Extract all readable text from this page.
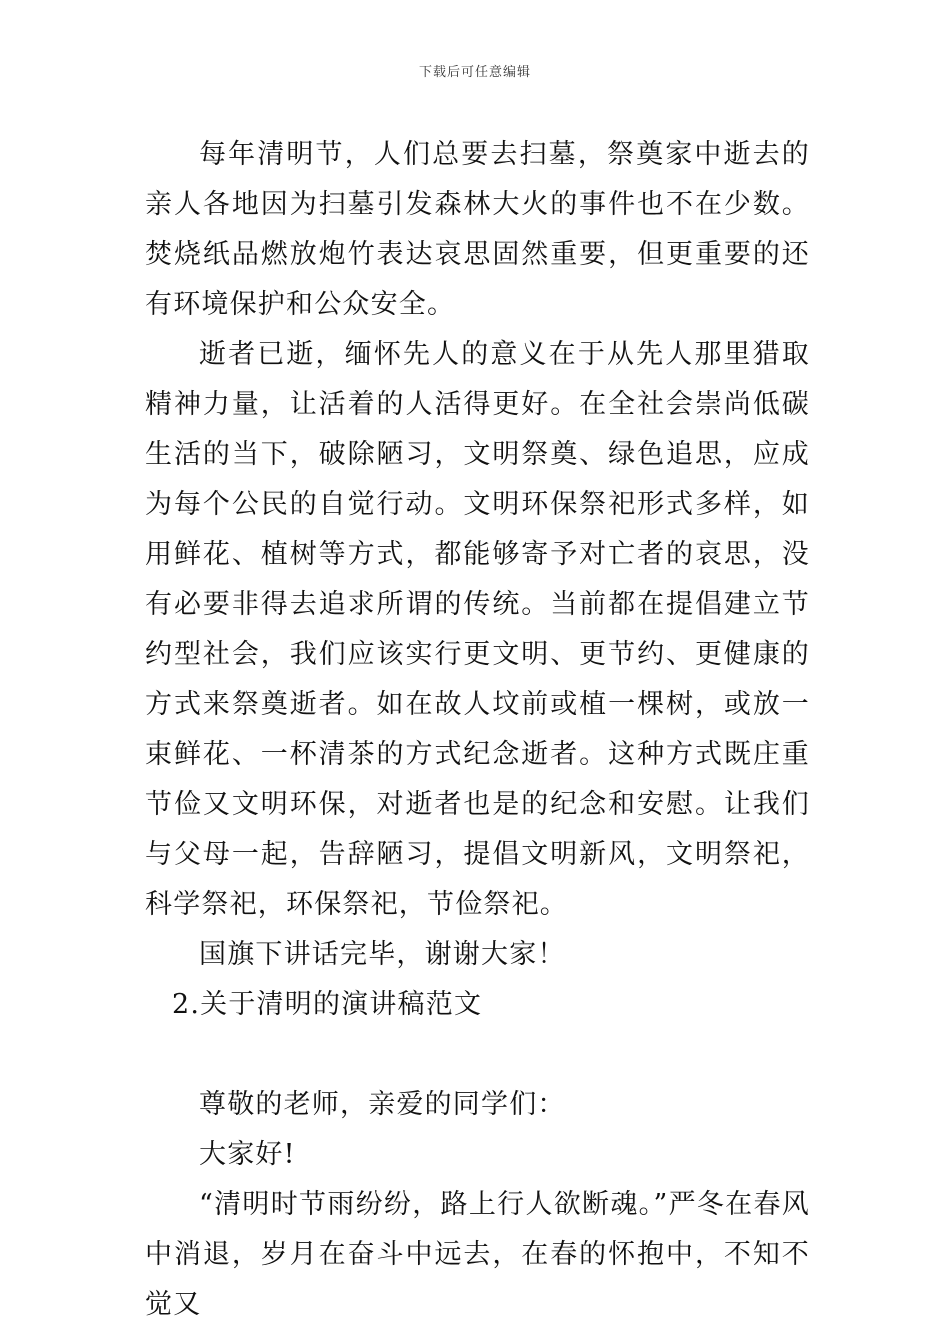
下载后可任意编辑

每年清明节，人们总要去扫墓，祭奠家中逝去的亲人各地因为扫墓引发森林大火的事件也不在少数。焚烧纸品燃放炮竹表达哀思固然重要，但更重要的还有环境保护和公众安全。

逝者已逝，缅怀先人的意义在于从先人那里猎取精神力量，让活着的人活得更好。在全社会崇尚低碳生活的当下，破除陋习，文明祭奠、绿色追思，应成为每个公民的自觉行动。文明环保祭祀形式多样，如用鲜花、植树等方式，都能够寄予对亡者的哀思，没有必要非得去追求所谓的传统。当前都在提倡建立节约型社会，我们应该实行更文明、更节约、更健康的方式来祭奠逝者。如在故人坟前或植一棵树，或放一束鲜花、一杯清茶的方式纪念逝者。这种方式既庄重节俭又文明环保，对逝者也是的纪念和安慰。让我们与父母一起，告辞陋习，提倡文明新风，文明祭祀，科学祭祀，环保祭祀，节俭祭祀。

国旗下讲话完毕，谢谢大家！

2.关于清明的演讲稿范文

尊敬的老师，亲爱的同学们：

大家好!

“清明时节雨纷纷，路上行人欲断魂。”严冬在春风中消退，岁月在奋斗中远去，在春的怀抱中，不知不觉又
